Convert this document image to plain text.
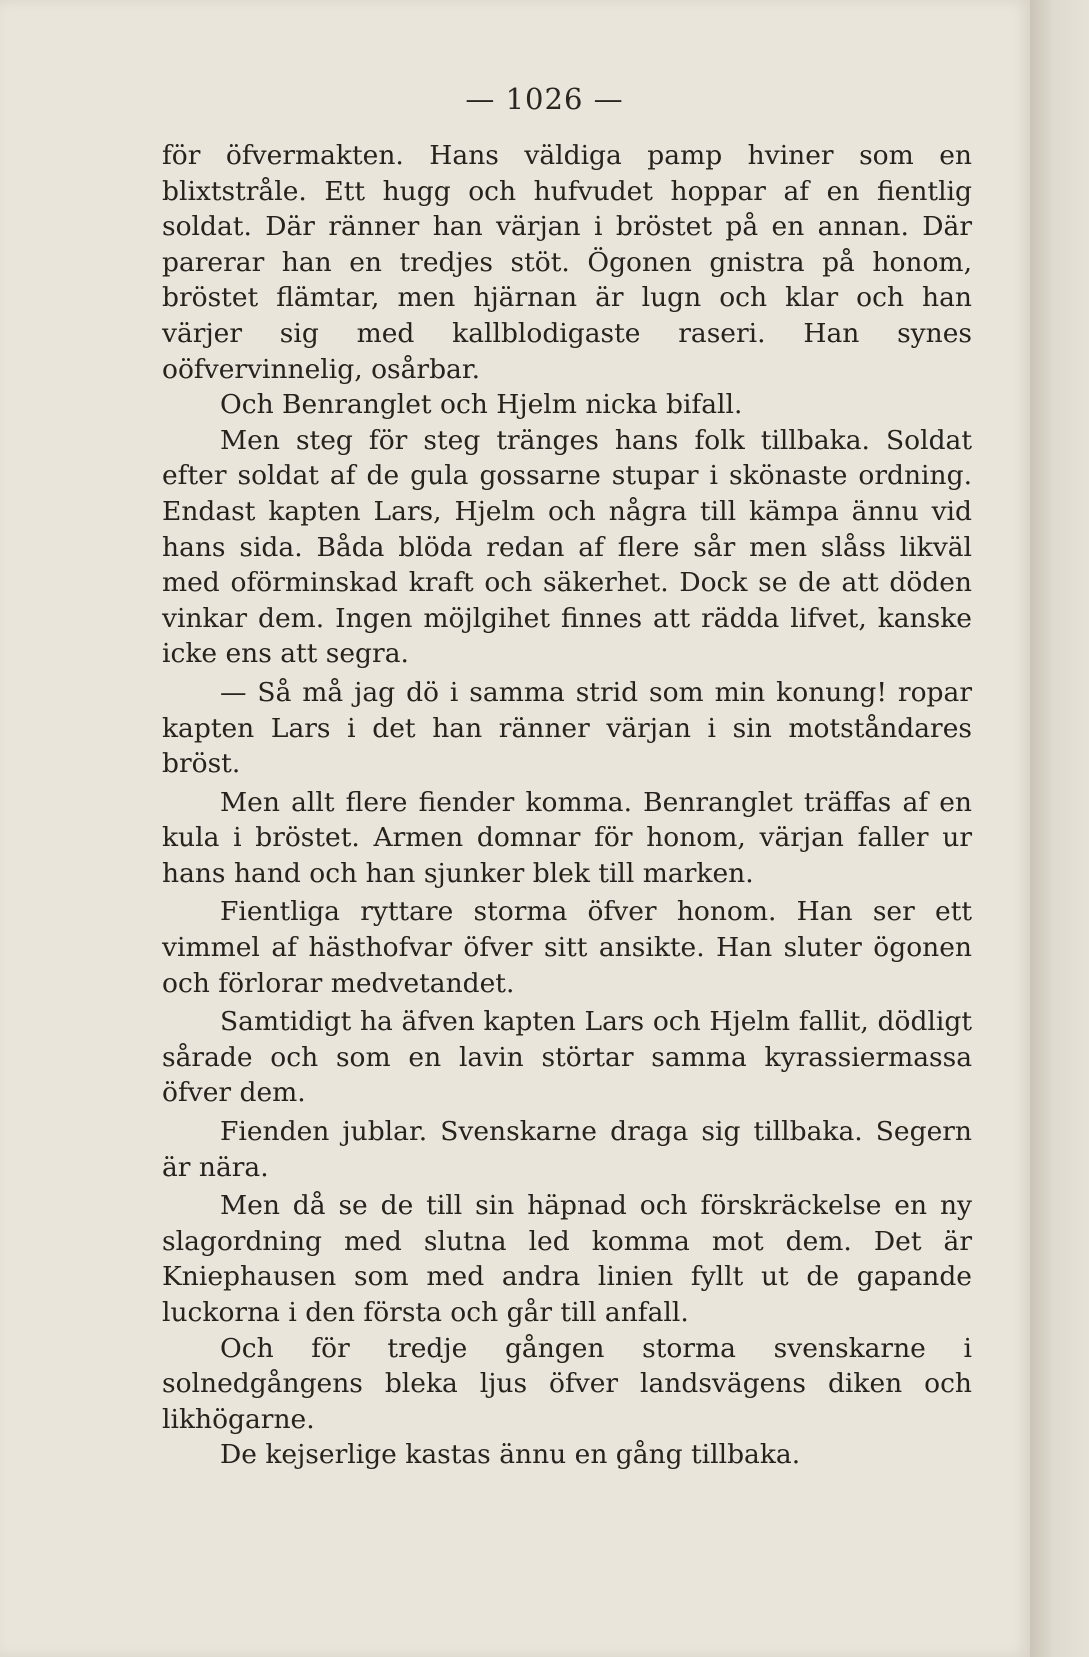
— 1026 —

för öfvermakten. Hans väldiga pamp hviner som en blixtstråle. Ett hugg och hufvudet hoppar af en fientlig soldat. Där ränner han värjan i bröstet på en annan. Där parerar han en tredjes stöt. Ögonen gnistra på honom, bröstet flämtar, men hjärnan är lugn och klar och han värjer sig med kallblodigaste raseri. Han synes oöfvervinnelig, osårbar.

Och Benranglet och Hjelm nicka bifall.

Men steg för steg tränges hans folk tillbaka. Soldat efter soldat af de gula gossarne stupar i skönaste ordning. Endast kapten Lars, Hjelm och några till kämpa ännu vid hans sida. Båda blöda redan af flere sår men slåss likväl med oförminskad kraft och säkerhet. Dock se de att döden vinkar dem. Ingen möjlgihet finnes att rädda lifvet, kanske icke ens att segra.

— Så må jag dö i samma strid som min konung! ropar kapten Lars i det han ränner värjan i sin motståndares bröst.

Men allt flere fiender komma. Benranglet träffas af en kula i bröstet. Armen domnar för honom, värjan faller ur hans hand och han sjunker blek till marken.

Fientliga ryttare storma öfver honom. Han ser ett vimmel af hästhofvar öfver sitt ansikte. Han sluter ögonen och förlorar medvetandet.

Samtidigt ha äfven kapten Lars och Hjelm fallit, dödligt sårade och som en lavin störtar samma kyrassiermassa öfver dem.

Fienden jublar. Svenskarne draga sig tillbaka. Segern är nära.

Men då se de till sin häpnad och förskräckelse en ny slagordning med slutna led komma mot dem. Det är Kniephausen som med andra linien fyllt ut de gapande luckorna i den första och går till anfall.

Och för tredje gången storma svenskarne i solnedgångens bleka ljus öfver landsvägens diken och likhögarne.

De kejserlige kastas ännu en gång tillbaka.
